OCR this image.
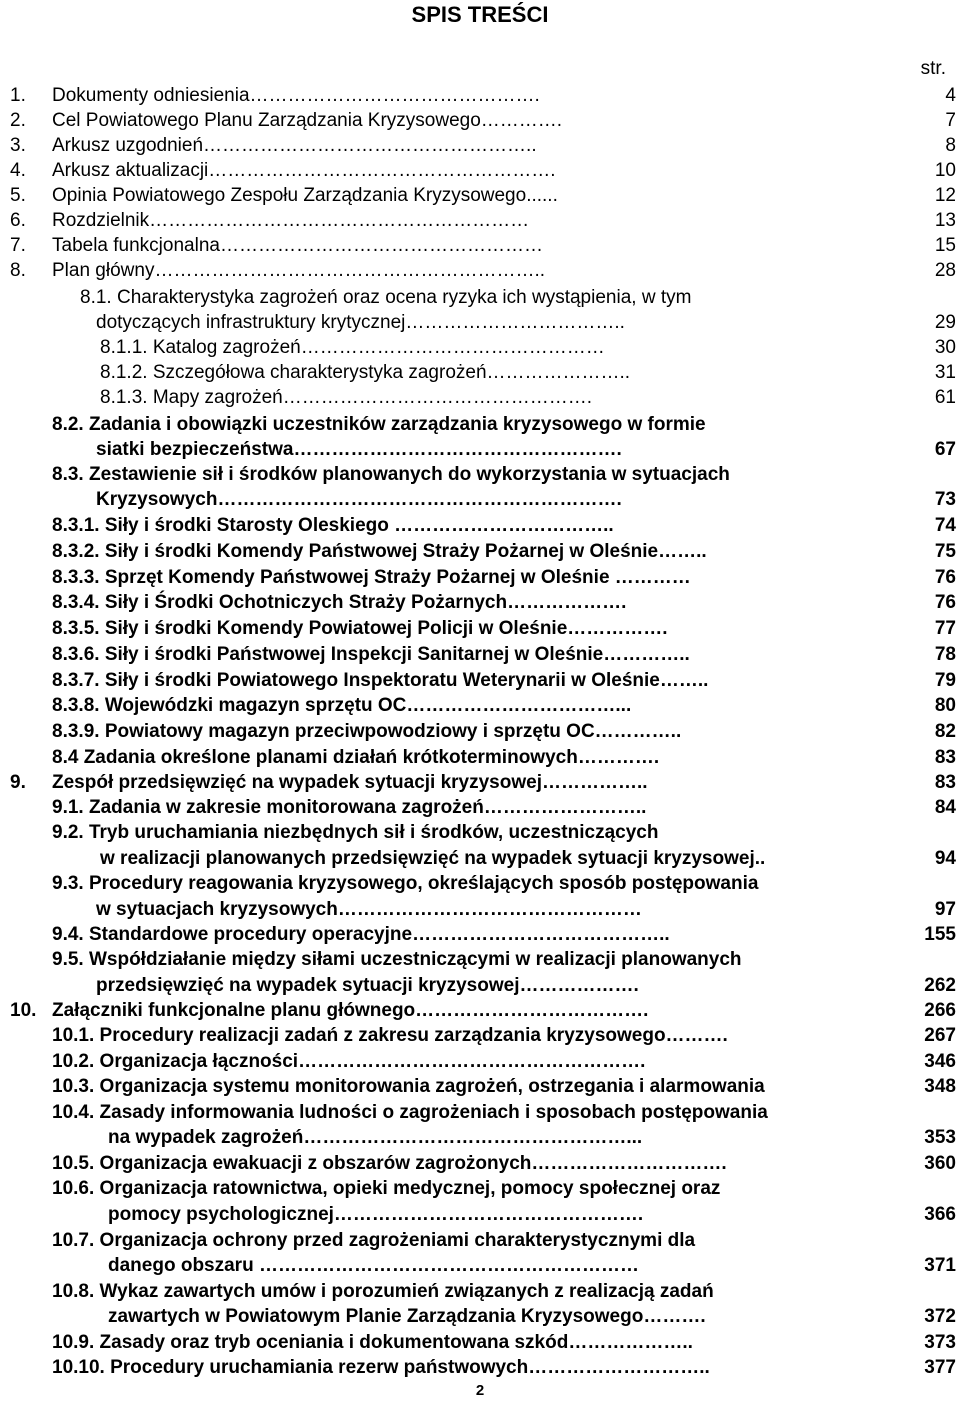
SPIS TREŚCI
str.
1. Dokumenty odniesienia……………………………………….	4
2. Cel Powiatowego Planu Zarządzania Kryzysowego………….	7
3. Arkusz uzgodnień……………………………………………..	8
4. Arkusz aktualizacji……………………………………………….	10
5. Opinia Powiatowego Zespołu Zarządzania Kryzysowego......	12
6. Rozdzielnik……………………………………………………	13
7. Tabela funkcjonalna……………………………………………	15
8. Plan główny……………………………………………………..	28
8.1. Charakterystyka zagrożeń oraz ocena ryzyka ich wystąpienia, w tym
dotyczących infrastruktury krytycznej……………………………..	29
8.1.1. Katalog zagrożeń…………………………………………	30
8.1.2. Szczegółowa charakterystyka zagrożeń…………………..	31
8.1.3. Mapy zagrożeń………………………………………….	61
8.2. Zadania i obowiązki uczestników zarządzania kryzysowego w formie
siatki bezpieczeństwa…………………………………………….	67
8.3. Zestawienie sił i środków planowanych do wykorzystania w sytuacjach
Kryzysowych……………………………………………………….	73
8.3.1. Siły i środki Starosty Oleskiego ……………………………..	74
8.3.2. Siły i środki Komendy Państwowej Straży Pożarnej w Oleśnie……..	75
8.3.3. Sprzęt Komendy Państwowej Straży Pożarnej w Oleśnie …………	76
8.3.4. Siły i Środki Ochotniczych Straży Pożarnych……………….	76
8.3.5. Siły i środki Komendy Powiatowej Policji w Oleśnie…………….	77
8.3.6. Siły i środki Państwowej Inspekcji Sanitarnej w Oleśnie…………..	78
8.3.7. Siły i środki Powiatowego Inspektoratu Weterynarii w Oleśnie……..	79
8.3.8. Wojewódzki magazyn sprzętu OC……………………………...	80
8.3.9. Powiatowy magazyn przeciwpowodziowy i sprzętu OC…………..	82
8.4 Zadania określone planami działań krótkoterminowych………….	83
9. Zespół przedsięwzięć na wypadek sytuacji kryzysowej……………..	83
9.1. Zadania w zakresie monitorowana zagrożeń……………………..	84
9.2. Tryb uruchamiania niezbędnych sił i środków, uczestniczących
w realizacji planowanych przedsięwzięć na wypadek sytuacji kryzysowej..	94
9.3. Procedury reagowania kryzysowego, określających sposób postępowania
w sytuacjach kryzysowych…………………………………………	97
9.4. Standardowe procedury operacyjne…………………………………..	155
9.5. Współdziałanie między siłami uczestniczącymi w realizacji planowanych
przedsięwzięć na wypadek sytuacji kryzysowej……………….	262
10. Załączniki funkcjonalne planu głównego……………………………….	266
10.1. Procedury realizacji zadań z zakresu zarządzania kryzysowego……….	267
10.2. Organizacja łączności……………………………………………….	346
10.3. Organizacja systemu monitorowania zagrożeń, ostrzegania i alarmowania	348
10.4. Zasady informowania ludności o zagrożeniach i sposobach postępowania
na wypadek zagrożeń……………………………………………...	353
10.5. Organizacja ewakuacji z obszarów zagrożonych………………………….	360
10.6. Organizacja ratownictwa, opieki medycznej, pomocy społecznej oraz
pomocy psychologicznej………………………………………….	366
10.7. Organizacja ochrony przed zagrożeniami charakterystycznymi dla
danego obszaru ……………………………………………………	371
10.8. Wykaz zawartych umów i porozumień związanych z realizacją zadań
zawartych w Powiatowym Planie Zarządzania Kryzysowego……….	372
10.9. Zasady oraz tryb oceniania i dokumentowana szkód………………..	373
10.10. Procedury uruchamiania rezerw państwowych………………………..	377
2
